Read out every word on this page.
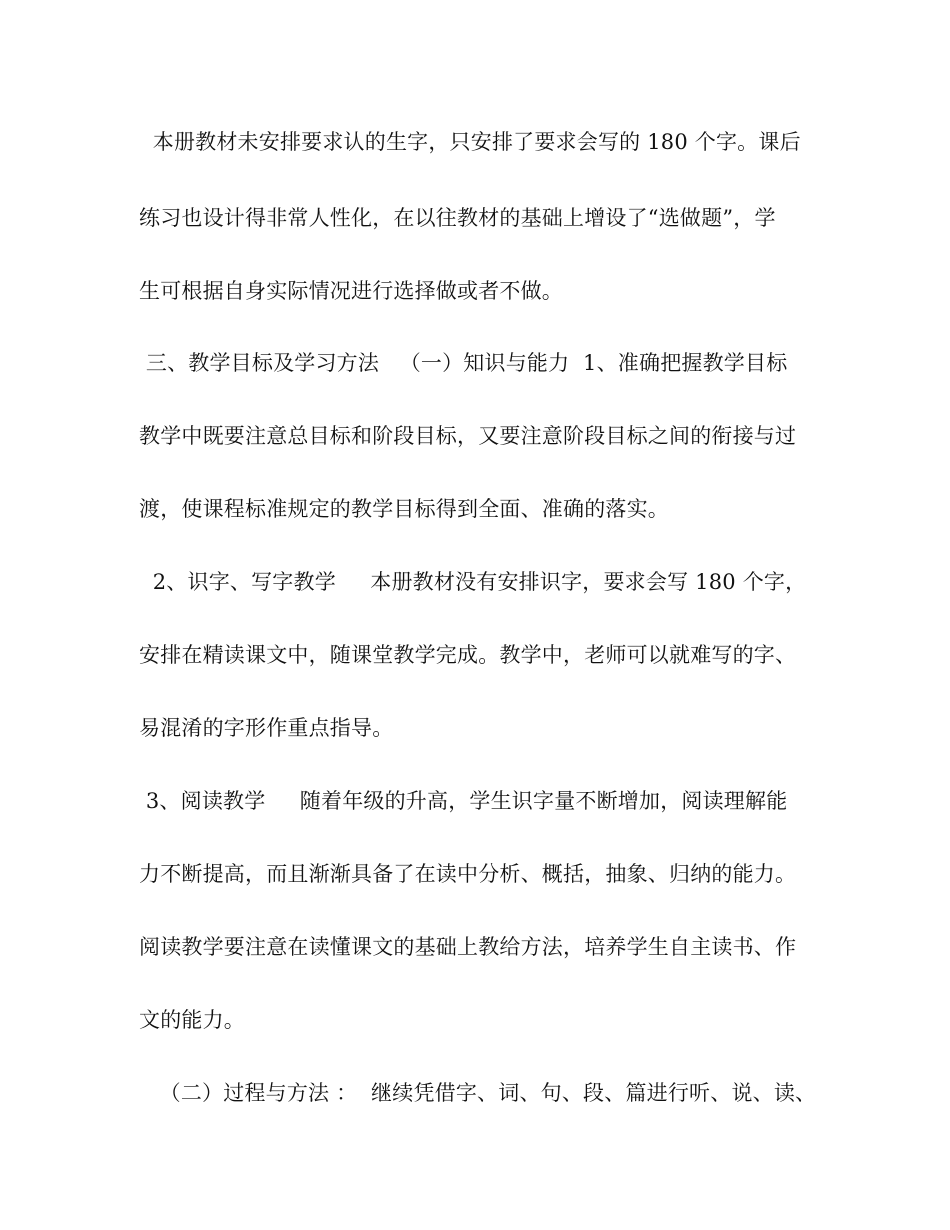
本册教材未安排要求认的生字，只安排了要求会写的 180 个字。课后
练习也设计得非常人性化，在以往教材的基础上增设了“选做题”，学
生可根据自身实际情况进行选择做或者不做。
三、教学目标及学习方法   （一）知识与能力  1、准确把握教学目标
教学中既要注意总目标和阶段目标，又要注意阶段目标之间的衔接与过
渡，使课程标准规定的教学目标得到全面、准确的落实。
2、识字、写字教学     本册教材没有安排识字，要求会写 180 个字，
安排在精读课文中，随课堂教学完成。教学中，老师可以就难写的字、
易混淆的字形作重点指导。
3、阅读教学     随着年级的升高，学生识字量不断增加，阅读理解能
力不断提高，而且渐渐具备了在读中分析、概括，抽象、归纳的能力。
阅读教学要注意在读懂课文的基础上教给方法，培养学生自主读书、作
文的能力。
（二）过程与方法 ：  继续凭借字、词、句、段、篇进行听、说、读、
